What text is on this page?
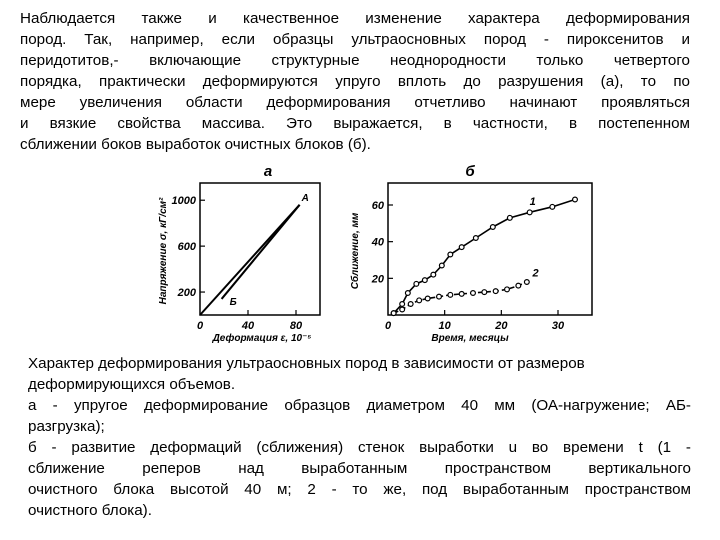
Наблюдается также и качественное изменение характера деформирования
пород. Так, например, если образцы ультраосновных пород - пироксенитов и
перидотитов,- включающие структурные неоднородности только четвертого
порядка, практически деформируются упруго вплоть до разрушения (а), то по
мере увеличения области деформирования отчетливо начинают проявляться
и вязкие свойства массива. Это выражается, в частности, в постепенном
сближении боков выработок очистных блоков (б).
1000
600
200
0	40	80
А
Б
а
Деформация ε, 10⁻⁵
Напряжение σ, кГ/см²	60
40
20
0	10	20	30
1
2
б
Время, месяцы
Сближение, мм
Характер деформирования ультраосновных пород в зависимости от размеров
деформирующихся объемов.
а - упругое деформирование образцов диаметром 40 мм (ОА-нагружение; АБ-
разгрузка);
б - развитие деформаций (сближения) стенок выработки u во времени t (1 -
сближение реперов над выработанным пространством вертикального
очистного блока высотой 40 м; 2 - то же, под выработанным пространством
очистного блока).
